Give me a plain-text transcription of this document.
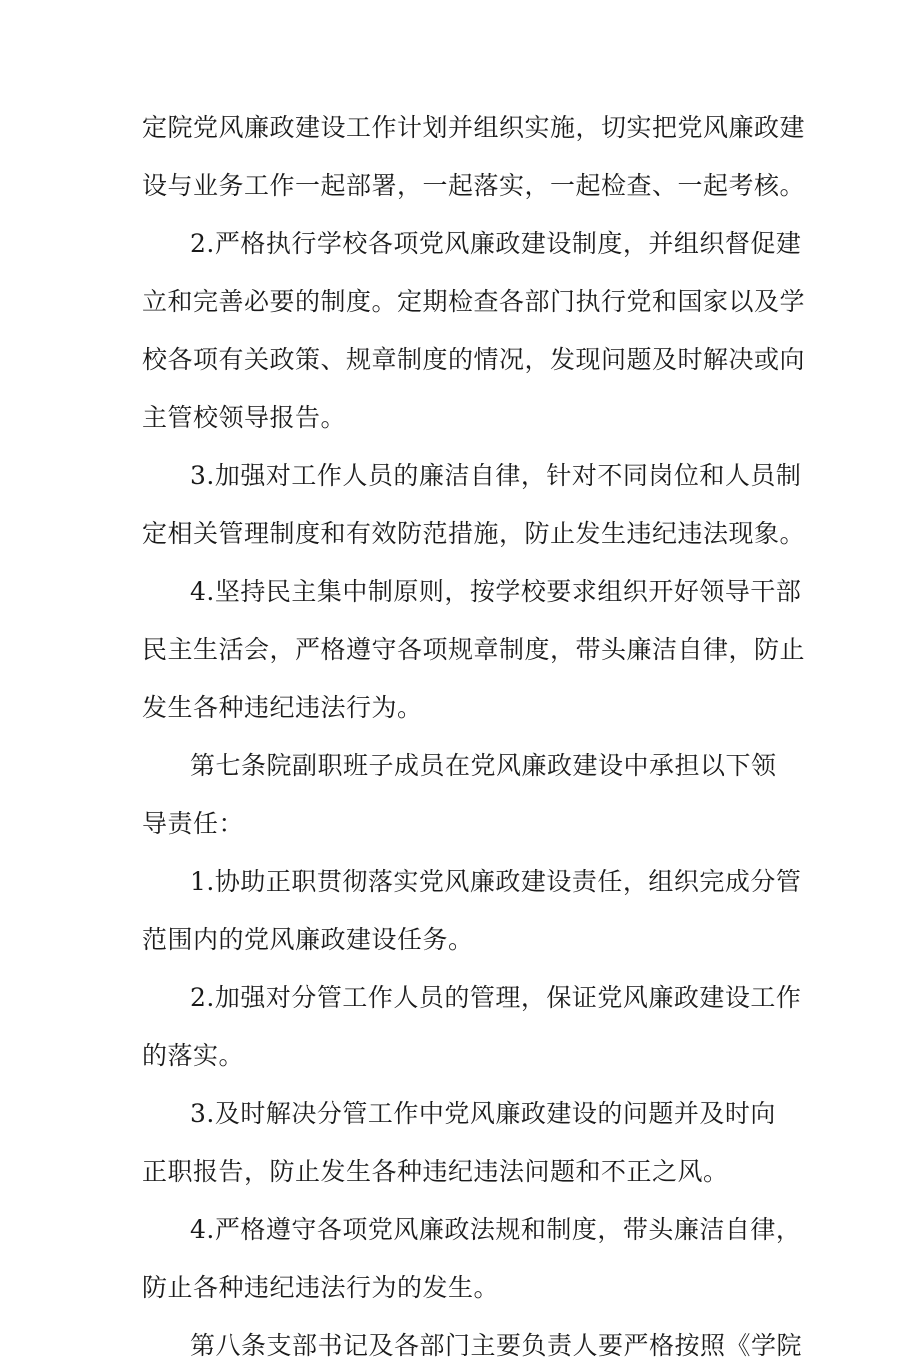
定院党风廉政建设工作计划并组织实施，切实把党风廉政建
设与业务工作一起部署，一起落实，一起检查、一起考核。
2.严格执行学校各项党风廉政建设制度，并组织督促建
立和完善必要的制度。定期检查各部门执行党和国家以及学
校各项有关政策、规章制度的情况，发现问题及时解决或向
主管校领导报告。
3.加强对工作人员的廉洁自律，针对不同岗位和人员制
定相关管理制度和有效防范措施，防止发生违纪违法现象。
4.坚持民主集中制原则，按学校要求组织开好领导干部
民主生活会，严格遵守各项规章制度，带头廉洁自律，防止
发生各种违纪违法行为。
第七条院副职班子成员在党风廉政建设中承担以下领
导责任：
1.协助正职贯彻落实党风廉政建设责任，组织完成分管
范围内的党风廉政建设任务。
2.加强对分管工作人员的管理，保证党风廉政建设工作
的落实。
3.及时解决分管工作中党风廉政建设的问题并及时向
正职报告，防止发生各种违纪违法问题和不正之风。
4.严格遵守各项党风廉政法规和制度，带头廉洁自律，
防止各种违纪违法行为的发生。
第八条支部书记及各部门主要负责人要严格按照《学院
